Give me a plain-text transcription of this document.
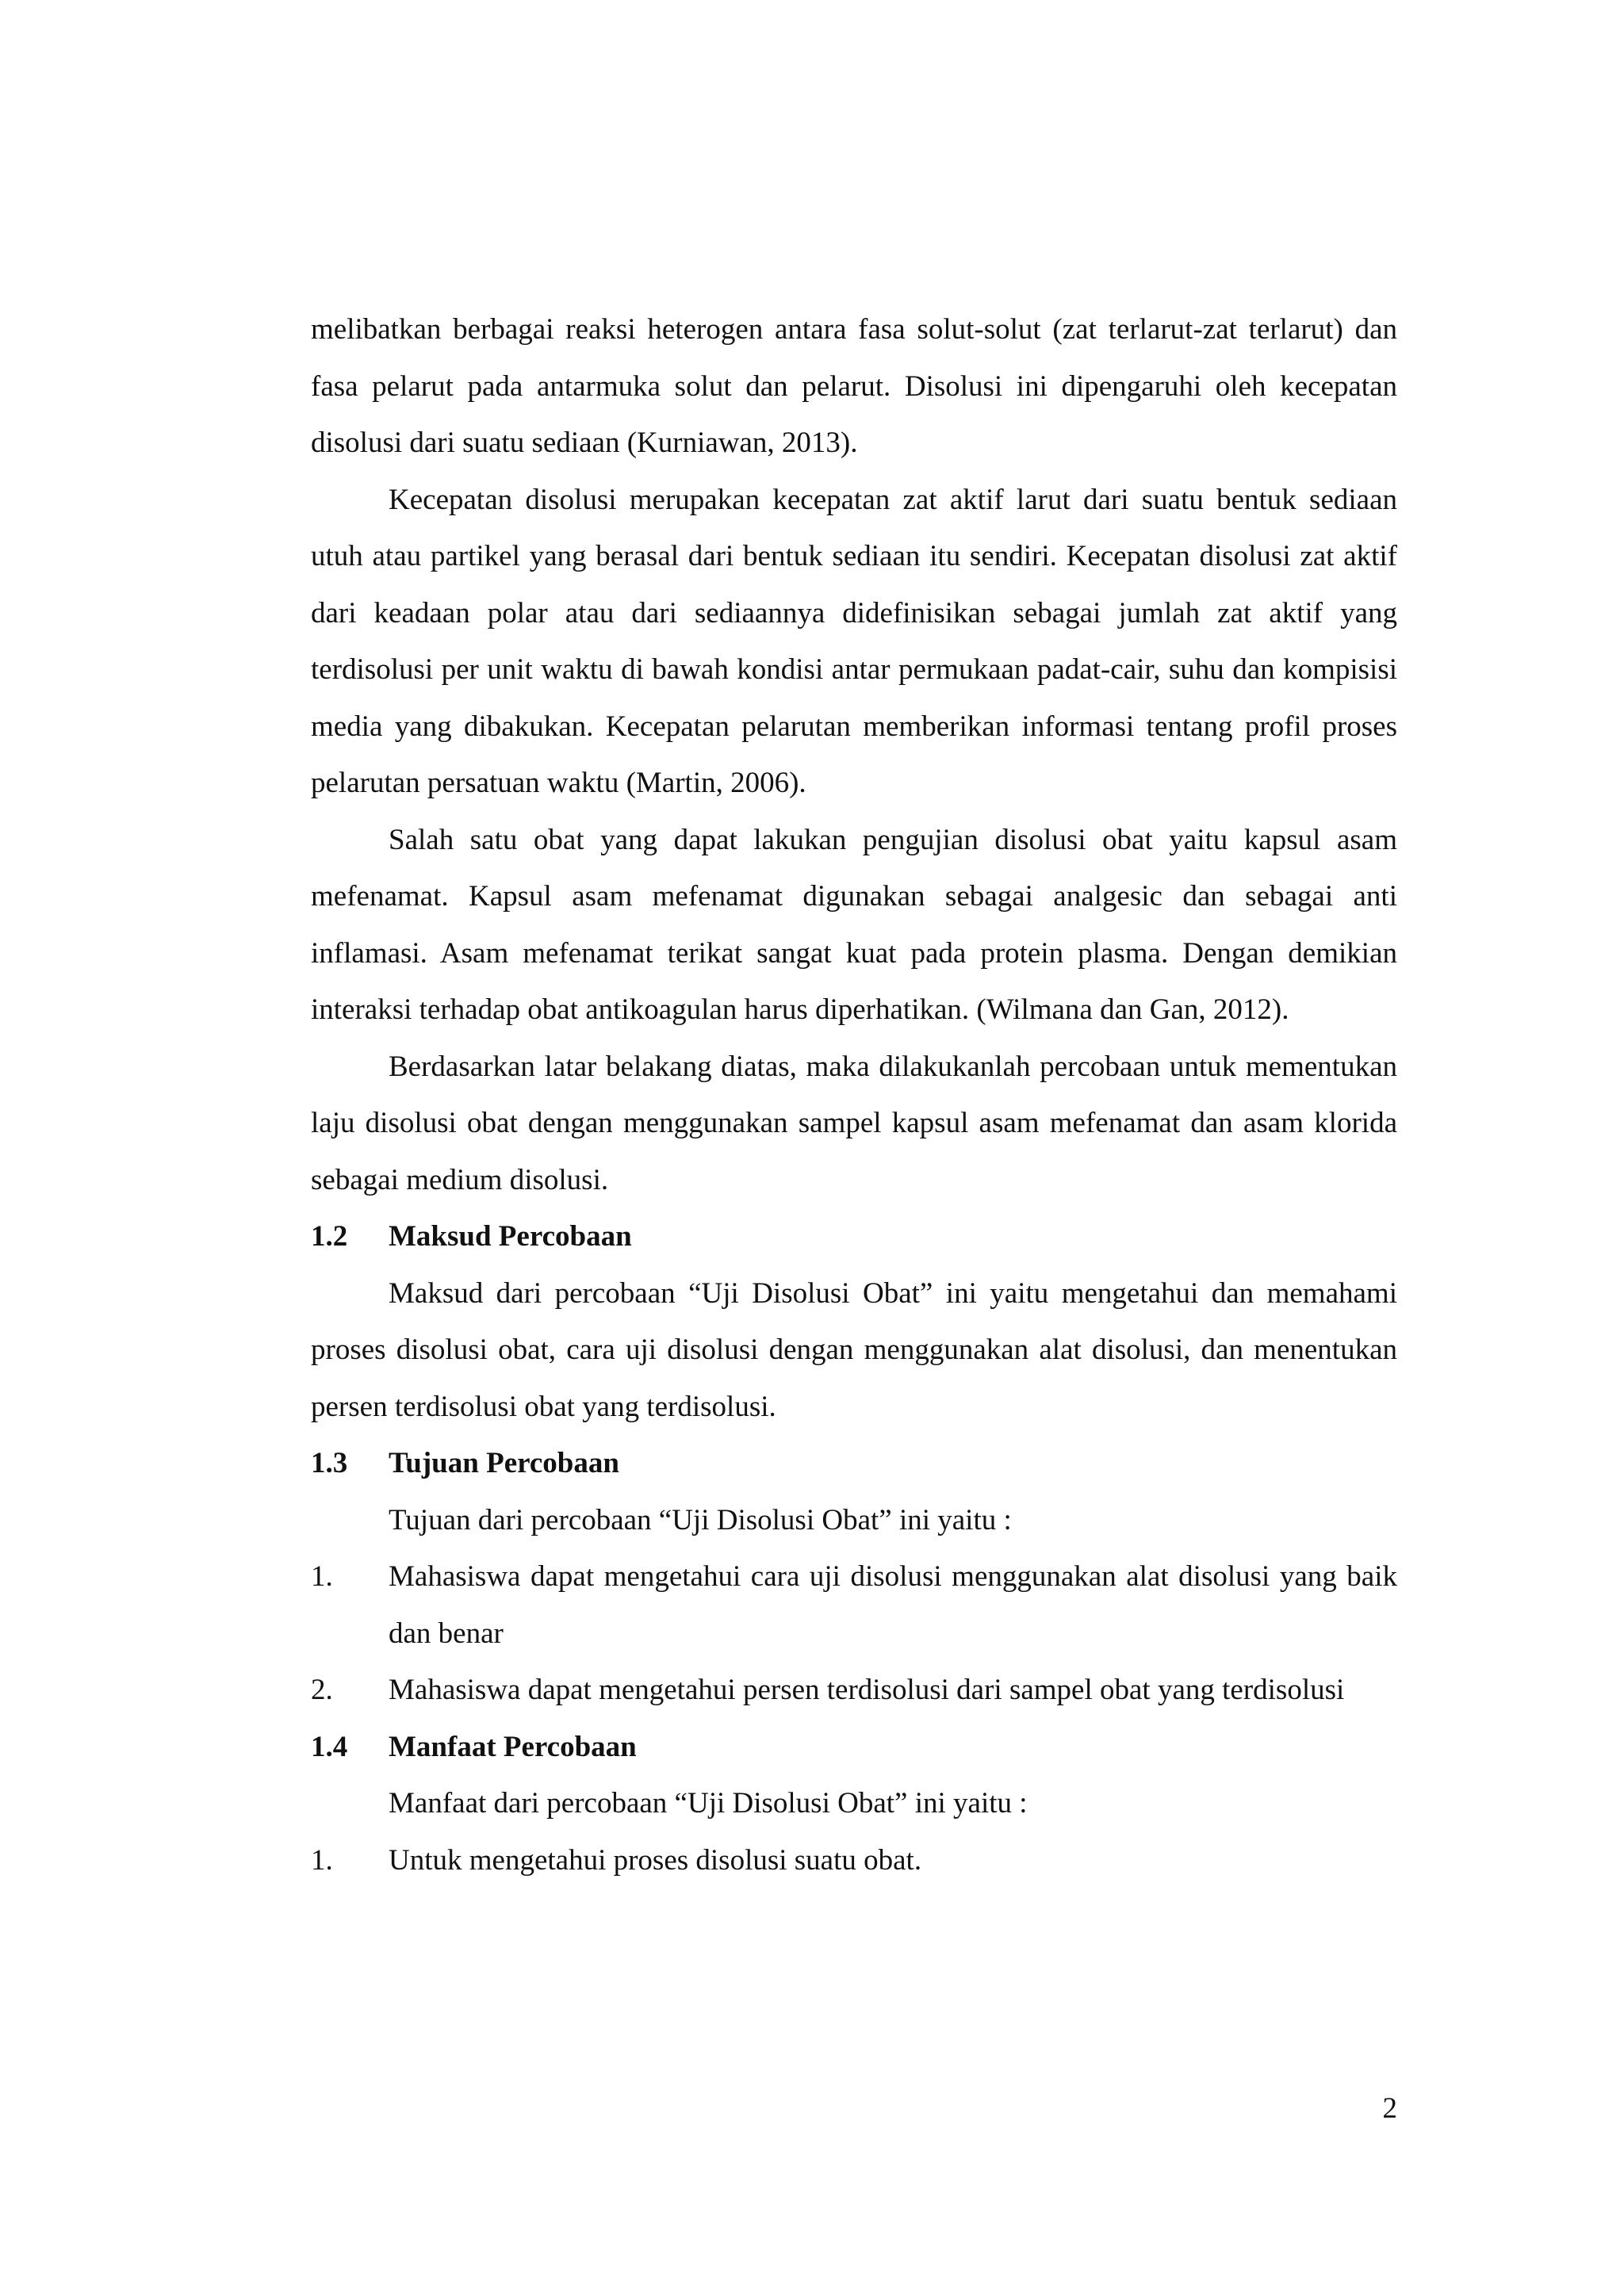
melibatkan berbagai reaksi heterogen antara fasa solut-solut (zat terlarut-zat terlarut) dan fasa pelarut pada antarmuka solut dan pelarut. Disolusi ini dipengaruhi oleh kecepatan disolusi dari suatu sediaan (Kurniawan, 2013).

Kecepatan disolusi merupakan kecepatan zat aktif larut dari suatu bentuk sediaan utuh atau partikel yang berasal dari bentuk sediaan itu sendiri. Kecepatan disolusi zat aktif dari keadaan polar atau dari sediaannya didefinisikan sebagai jumlah zat aktif yang terdisolusi per unit waktu di bawah kondisi antar permukaan padat-cair, suhu dan kompisisi media yang dibakukan. Kecepatan pelarutan memberikan informasi tentang profil proses pelarutan persatuan waktu (Martin, 2006).

Salah satu obat yang dapat lakukan pengujian disolusi obat yaitu kapsul asam mefenamat. Kapsul asam mefenamat digunakan sebagai analgesic dan sebagai anti inflamasi. Asam mefenamat terikat sangat kuat pada protein plasma. Dengan demikian interaksi terhadap obat antikoagulan harus diperhatikan. (Wilmana dan Gan, 2012).

Berdasarkan latar belakang diatas, maka dilakukanlah percobaan untuk mementukan laju disolusi obat dengan menggunakan sampel kapsul asam mefenamat dan asam klorida sebagai medium disolusi.

1.2	Maksud Percobaan

Maksud dari percobaan “Uji Disolusi Obat” ini yaitu mengetahui dan memahami proses disolusi obat, cara uji disolusi dengan menggunakan alat disolusi, dan menentukan persen terdisolusi obat yang terdisolusi.

1.3	Tujuan Percobaan

Tujuan dari percobaan “Uji Disolusi Obat” ini yaitu :

1.	Mahasiswa dapat mengetahui cara uji disolusi menggunakan alat disolusi yang baik dan benar
2.	Mahasiswa dapat mengetahui persen terdisolusi dari sampel obat yang terdisolusi
1.4	Manfaat Percobaan

Manfaat dari percobaan “Uji Disolusi Obat” ini yaitu :

1.	Untuk mengetahui proses disolusi suatu obat.
2
